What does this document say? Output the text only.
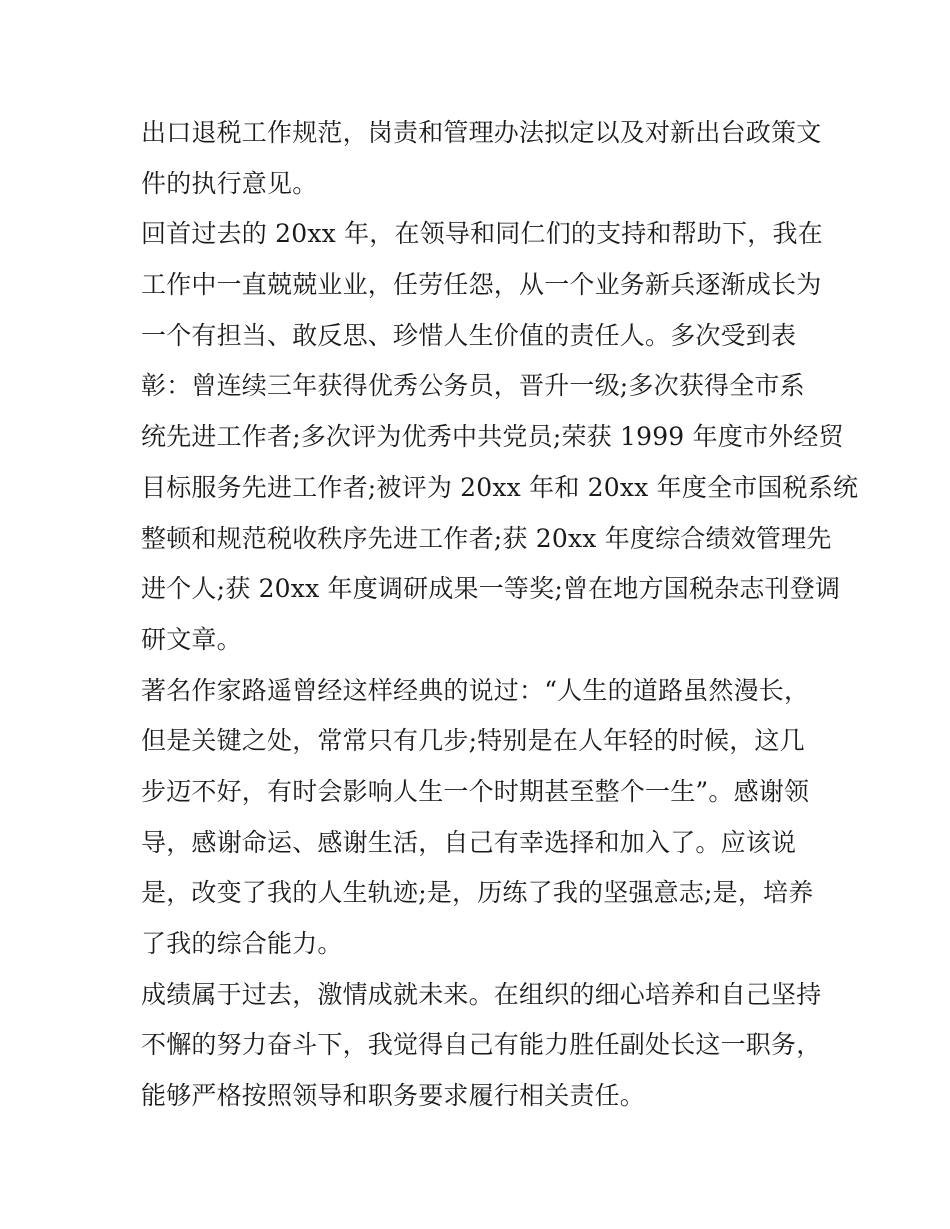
出口退税工作规范，岗责和管理办法拟定以及对新出台政策文
件的执行意见。
回首过去的 20xx 年，在领导和同仁们的支持和帮助下，我在
工作中一直兢兢业业，任劳任怨，从一个业务新兵逐渐成长为
一个有担当、敢反思、珍惜人生价值的责任人。多次受到表
彰：曾连续三年获得优秀公务员，晋升一级;多次获得全市系
统先进工作者;多次评为优秀中共党员;荣获 1999 年度市外经贸
目标服务先进工作者;被评为 20xx 年和 20xx 年度全市国税系统
整顿和规范税收秩序先进工作者;获 20xx 年度综合绩效管理先
进个人;获 20xx 年度调研成果一等奖;曾在地方国税杂志刊登调
研文章。
著名作家路遥曾经这样经典的说过：“人生的道路虽然漫长，
但是关键之处，常常只有几步;特别是在人年轻的时候，这几
步迈不好，有时会影响人生一个时期甚至整个一生”。感谢领
导，感谢命运、感谢生活，自己有幸选择和加入了。应该说
是，改变了我的人生轨迹;是，历练了我的坚强意志;是，培养
了我的综合能力。
成绩属于过去，激情成就未来。在组织的细心培养和自己坚持
不懈的努力奋斗下，我觉得自己有能力胜任副处长这一职务，
能够严格按照领导和职务要求履行相关责任。
